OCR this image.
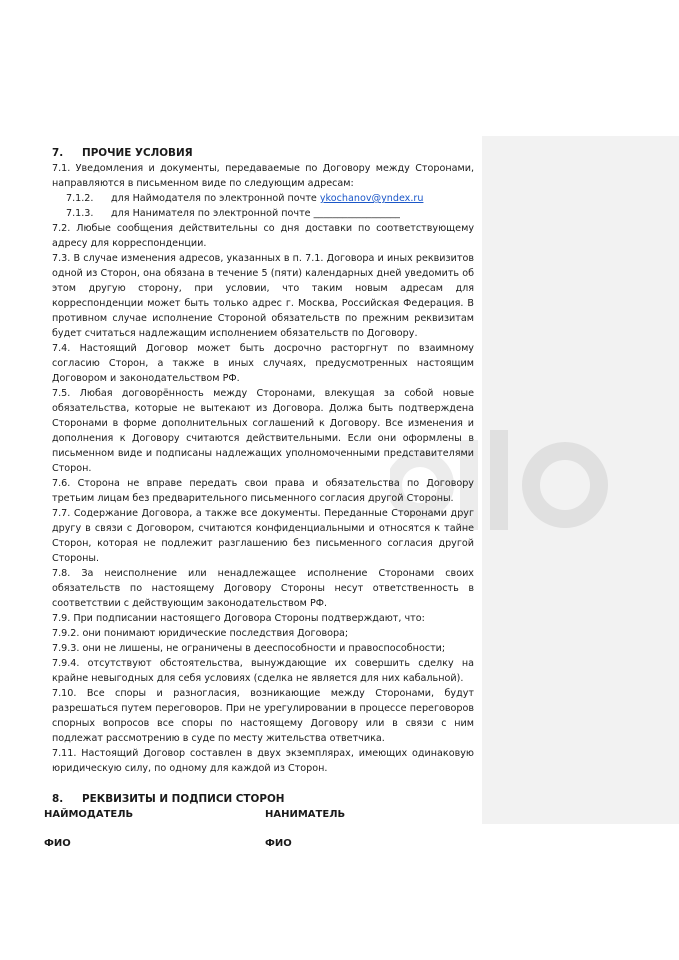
7.	ПРОЧИЕ УСЛОВИЯ
7.1. Уведомления и документы, передаваемые по Договору между Сторонами, направляются в письменном виде по следующим адресам:
7.1.2.	для Наймодателя по электронной почте ykochanov@yndex.ru
7.1.3.	для Нанимателя по электронной почте __________________
7.2. Любые сообщения действительны со дня доставки по соответствующему адресу для корреспонденции.
7.3. В случае изменения адресов, указанных в п. 7.1. Договора и иных реквизитов одной из Сторон, она обязана в течение 5 (пяти) календарных дней уведомить об этом другую сторону, при условии, что таким новым адресам для корреспонденции может быть только адрес г. Москва, Российская Федерация. В противном случае исполнение Стороной обязательств по прежним реквизитам будет считаться надлежащим исполнением обязательств по Договору.
7.4. Настоящий Договор может быть досрочно расторгнут по взаимному согласию Сторон, а также в иных случаях, предусмотренных настоящим Договором и законодательством РФ.
7.5. Любая договорённость между Сторонами, влекущая за собой новые обязательства, которые не вытекают из Договора. Должа быть подтверждена Сторонами в форме дополнительных соглашений к Договору. Все изменения и дополнения к Договору считаются действительными. Если они оформлены в письменном виде и подписаны надлежащих уполномоченными представителями Сторон.
7.6. Сторона не вправе передать свои права и обязательства по Договору третьим лицам без предварительного письменного согласия другой Стороны.
7.7. Содержание Договора, а также все документы. Переданные Сторонами друг другу в связи с Договором, считаются конфиденциальными и относятся к тайне Сторон, которая не подлежит разглашению без письменного согласия другой Стороны.
7.8. За неисполнение или ненадлежащее исполнение Сторонами своих обязательств по настоящему Договору Стороны несут ответственность в соответствии с действующим законодательством РФ.
7.9. При подписании настоящего Договора Стороны подтверждают, что:
7.9.2. они понимают юридические последствия Договора;
7.9.3. они не лишены, не ограничены в дееспособности и правоспособности;
7.9.4. отсутствуют обстоятельства, вынуждающие их совершить сделку на крайне невыгодных для себя условиях (сделка не является для них кабальной).
7.10. Все споры и разногласия, возникающие между Сторонами, будут разрешаться путем переговоров. При не урегулировании в процессе переговоров спорных вопросов все споры по настоящему Договору или в связи с ним подлежат рассмотрению в суде по месту жительства ответчика.
7.11. Настоящий Договор составлен в двух экземплярах, имеющих одинаковую юридическую силу, по одному для каждой из Сторон.
8.	РЕКВИЗИТЫ И ПОДПИСИ СТОРОН
НАЙМОДАТЕЛЬ	НАНИМАТЕЛЬ
ФИО	ФИО
